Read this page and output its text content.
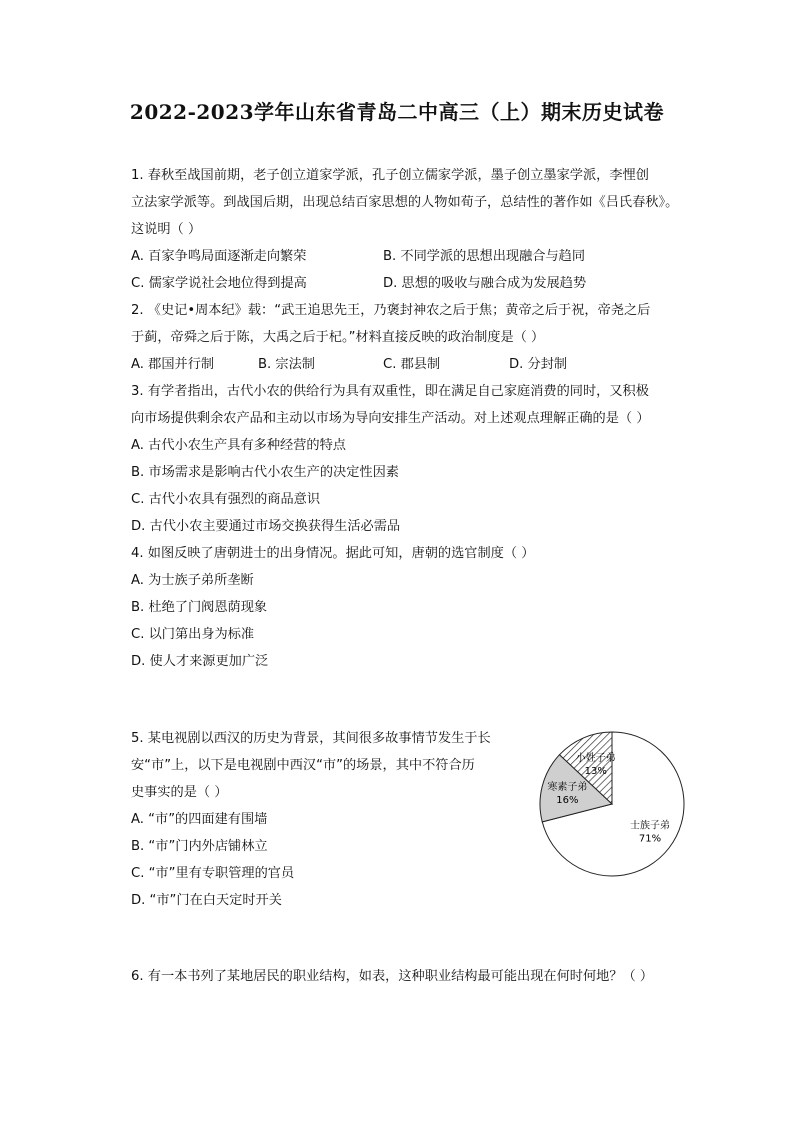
2022-2023学年山东省青岛二中高三（上）期末历史试卷
1. 春秋至战国前期，老子创立道家学派，孔子创立儒家学派，墨子创立墨家学派，李悝创
立法家学派等。到战国后期，出现总结百家思想的人物如荀子，总结性的著作如《吕氏春秋》。
这说明（ ）
A. 百家争鸣局面逐渐走向繁荣	B. 不同学派的思想出现融合与趋同
C. 儒家学说社会地位得到提高	D. 思想的吸收与融合成为发展趋势
2. 《史记•周本纪》载：“武王追思先王，乃褒封神农之后于焦；黄帝之后于祝，帝尧之后
于蓟，帝舜之后于陈，大禹之后于杞。”材料直接反映的政治制度是（ ）
A. 郡国并行制	B. 宗法制	C. 郡县制	D. 分封制
3. 有学者指出，古代小农的供给行为具有双重性，即在满足自己家庭消费的同时，又积极
向市场提供剩余农产品和主动以市场为导向安排生产活动。对上述观点理解正确的是（ ）
A. 古代小农生产具有多种经营的特点
B. 市场需求是影响古代小农生产的决定性因素
C. 古代小农具有强烈的商品意识
D. 古代小农主要通过市场交换获得生活必需品
4. 如图反映了唐朝进士的出身情况。据此可知，唐朝的选官制度（ ）
A. 为士族子弟所垄断
B. 杜绝了门阀恩荫现象
C. 以门第出身为标准
D. 使人才来源更加广泛
5. 某电视剧以西汉的历史为背景，其间很多故事情节发生于长
安“市”上，以下是电视剧中西汉“市”的场景，其中不符合历
史事实的是（ ）
A. “市”的四面建有围墙
B. “市”门内外店铺林立
C. “市”里有专职管理的官员
D. “市”门在白天定时开关
6. 有一本书列了某地居民的职业结构，如表，这种职业结构最可能出现在何时何地？（ ）
士族子弟
71%
寒素子弟
16%
小姓子弟
13%
